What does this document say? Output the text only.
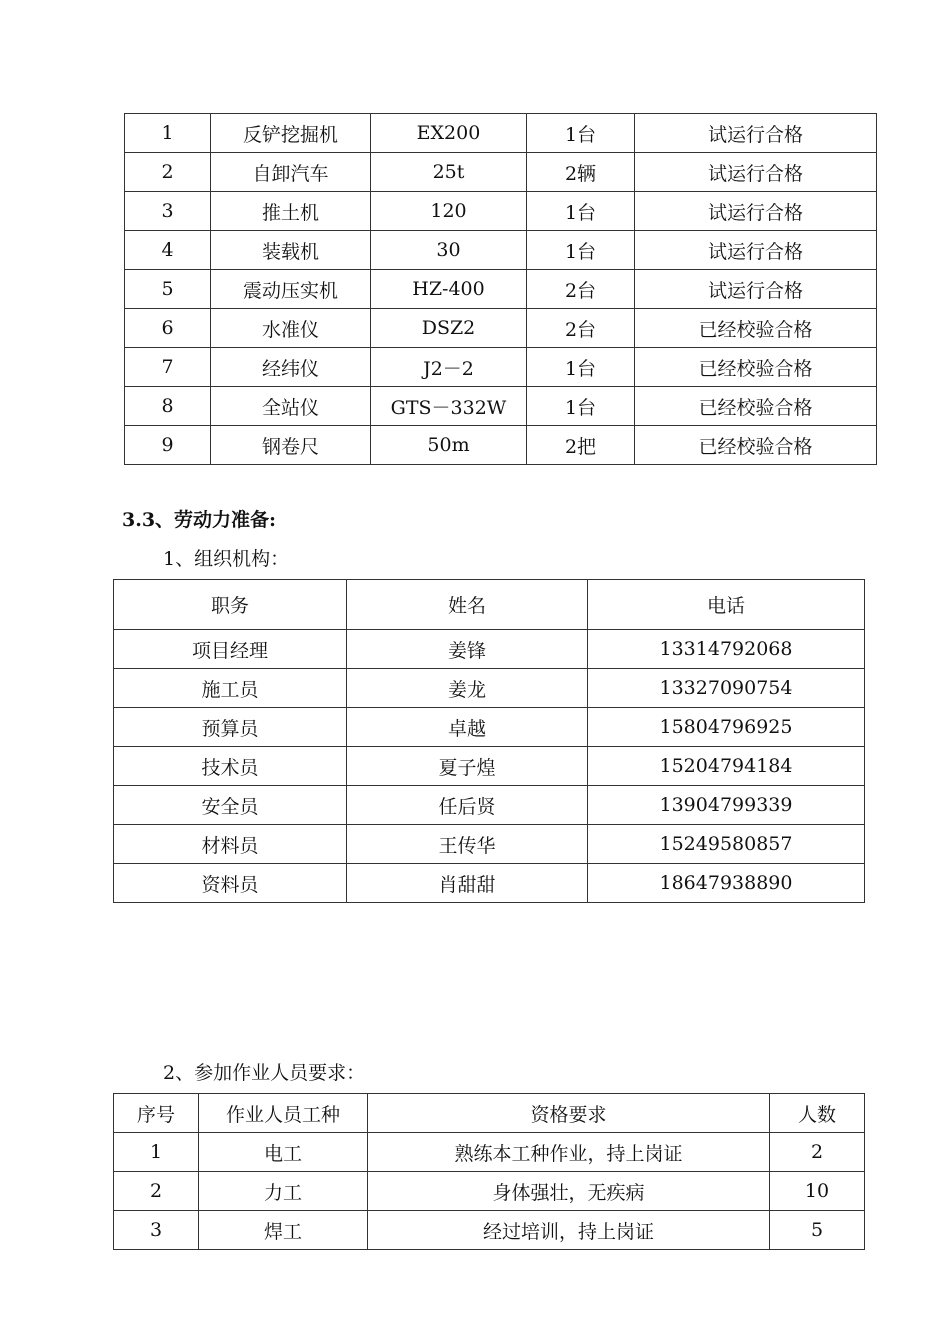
1	反铲挖掘机	EX200	1台	试运行合格
2	自卸汽车	25t	2辆	试运行合格
3	推土机	120	1台	试运行合格
4	装载机	30	1台	试运行合格
5	震动压实机	HZ-400	2台	试运行合格
6	水准仪	DSZ2	2台	已经校验合格
7	经纬仪	J2－2	1台	已经校验合格
8	全站仪	GTS－332W	1台	已经校验合格
9	钢卷尺	50m	2把	已经校验合格
3.3、劳动力准备:
1、组织机构：
职务	姓名	电话
项目经理	姜锋	13314792068
施工员	姜龙	13327090754
预算员	卓越	15804796925
技术员	夏子煌	15204794184
安全员	任后贤	13904799339
材料员	王传华	15249580857
资料员	肖甜甜	18647938890
2、参加作业人员要求：
序号	作业人员工种	资格要求	人数
1	电工	熟练本工种作业，持上岗证	2
2	力工	身体强壮，无疾病	10
3	焊工	经过培训，持上岗证	5
